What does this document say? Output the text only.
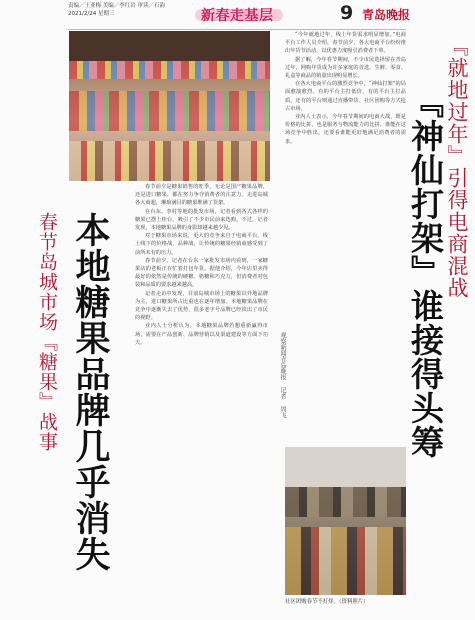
责编／王亚梅 美编／李红岩 审读／石韵
2021/2/24 星期三	新春走基层	9 青岛晚报
春节岛城市场『糖果』战事 本地糖果品牌几乎消失	观察新闻青岛晚报 记者 周飞

春节前夕是糖果销售的旺季。无论是国产糖果品牌，还是进口糖果，都在努力争夺消费者的注意力。走进岛城各大商超，琳琅满目的糖果堆满了货架。

在台东、李村等地的批发市场，记者看到各式各样的糖果已摆上柜台，吸引了不少市民前来选购。不过，记者发现，本地糖果品牌的身影却越来越少见。

对于糖果市场来说，更大的竞争来自于电商平台。线上线下的价格战、品种战，让传统的糖果经销商感受到了前所未有的压力。

春节前夕，记者在台东一家批发市场内看到，一家糖果店的老板正在忙着打包年货。据他介绍，今年店里卖得最好的依然是传统的硬糖、奶糖和巧克力，但消费者对包装和品质的要求越来越高。

记者走访中发现，目前岛城市场上的糖果以外地品牌为主，进口糖果所占比重也在逐年增加。本地糖果品牌在竞争中逐渐失去了优势，很多老字号品牌已经淡出了市民的视野。

业内人士分析认为，本地糖果品牌若想重新赢得市场，需要在产品创新、品牌营销以及渠道建设等方面下功夫。

“今年就地过年，线上年货需求明显增加。”电商平台工作人员介绍，春节前夕，各大电商平台纷纷推出年货节活动，以优惠力度吸引消费者下单。

据了解，今年春节期间，不少市民选择留在青岛过年，网购年货成为许多家庭的首选。生鲜、零食、礼盒等商品的销量出现明显增长。

在各大电商平台的激烈竞争中，“神仙打架”的局面愈演愈烈。有的平台主打低价，有的平台主打品质，还有的平台则通过直播带货、社区团购等方式抢占市场。

业内人士表示，今年春节期间的电商大战，既是价格的比拼，也是服务与物流能力的比拼。谁能在这场竞争中胜出，还要看谁能更好地满足消费者的需求。	『就地过年』引得电商混战
『神仙打架』谁接得头筹
社区团购春节不打烊。（资料照片）
